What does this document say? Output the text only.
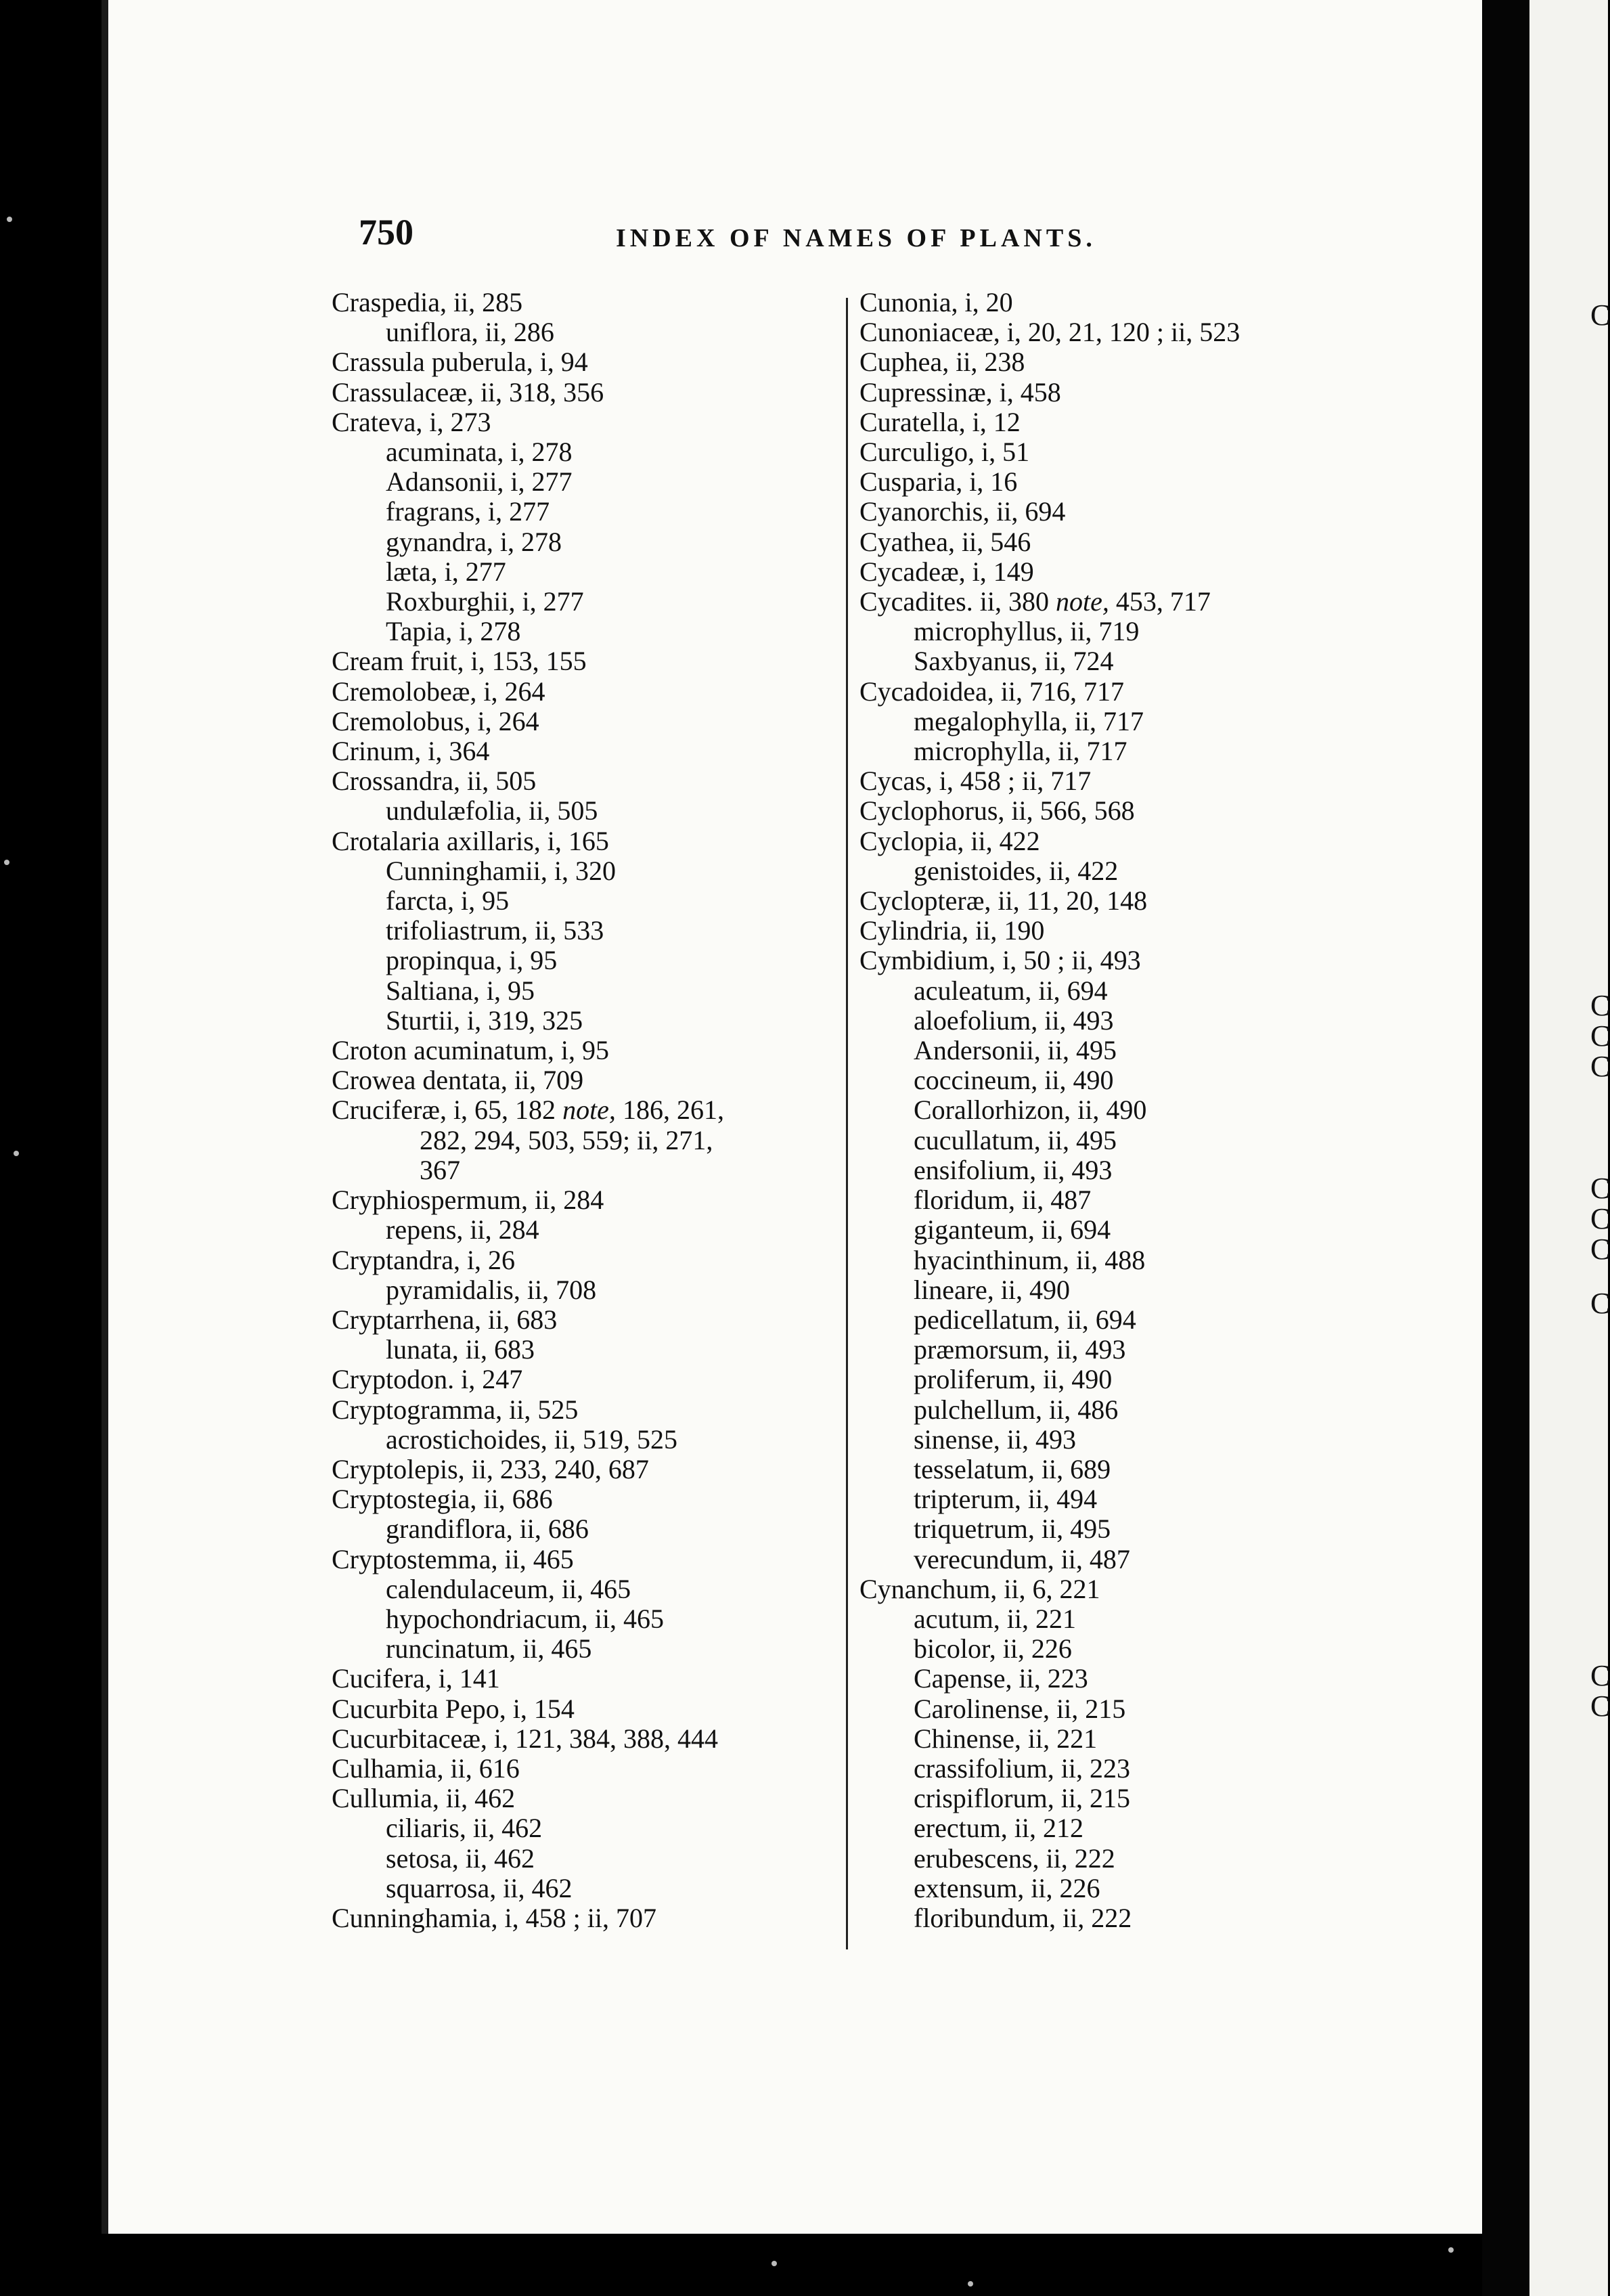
750	INDEX OF NAMES OF PLANTS.
Craspedia, ii, 285
uniflora, ii, 286
Crassula puberula, i, 94
Crassulaceæ, ii, 318, 356
Crateva, i, 273
acuminata, i, 278
Adansonii, i, 277
fragrans, i, 277
gynandra, i, 278
læta, i, 277
Roxburghii, i, 277
Tapia, i, 278
Cream fruit, i, 153, 155
Cremolobeæ, i, 264
Cremolobus, i, 264
Crinum, i, 364
Crossandra, ii, 505
undulæfolia, ii, 505
Crotalaria axillaris, i, 165
Cunninghamii, i, 320
farcta, i, 95
trifoliastrum, ii, 533
propinqua, i, 95
Saltiana, i, 95
Sturtii, i, 319, 325
Croton acuminatum, i, 95
Crowea dentata, ii, 709
Cruciferæ, i, 65, 182 note, 186, 261,
282, 294, 503, 559; ii, 271,
367
Cryphiospermum, ii, 284
repens, ii, 284
Cryptandra, i, 26
pyramidalis, ii, 708
Cryptarrhena, ii, 683
lunata, ii, 683
Cryptodon. i, 247
Cryptogramma, ii, 525
acrostichoides, ii, 519, 525
Cryptolepis, ii, 233, 240, 687
Cryptostegia, ii, 686
grandiflora, ii, 686
Cryptostemma, ii, 465
calendulaceum, ii, 465
hypochondriacum, ii, 465
runcinatum, ii, 465
Cucifera, i, 141
Cucurbita Pepo, i, 154
Cucurbitaceæ, i, 121, 384, 388, 444
Culhamia, ii, 616
Cullumia, ii, 462
ciliaris, ii, 462
setosa, ii, 462
squarrosa, ii, 462
Cunninghamia, i, 458 ; ii, 707
Cunonia, i, 20
Cunoniaceæ, i, 20, 21, 120 ; ii, 523
Cuphea, ii, 238
Cupressinæ, i, 458
Curatella, i, 12
Curculigo, i, 51
Cusparia, i, 16
Cyanorchis, ii, 694
Cyathea, ii, 546
Cycadeæ, i, 149
Cycadites. ii, 380 note, 453, 717
microphyllus, ii, 719
Saxbyanus, ii, 724
Cycadoidea, ii, 716, 717
megalophylla, ii, 717
microphylla, ii, 717
Cycas, i, 458 ; ii, 717
Cyclophorus, ii, 566, 568
Cyclopia, ii, 422
genistoides, ii, 422
Cyclopteræ, ii, 11, 20, 148
Cylindria, ii, 190
Cymbidium, i, 50 ; ii, 493
aculeatum, ii, 694
aloefolium, ii, 493
Andersonii, ii, 495
coccineum, ii, 490
Corallorhizon, ii, 490
cucullatum, ii, 495
ensifolium, ii, 493
floridum, ii, 487
giganteum, ii, 694
hyacinthinum, ii, 488
lineare, ii, 490
pedicellatum, ii, 694
præmorsum, ii, 493
proliferum, ii, 490
pulchellum, ii, 486
sinense, ii, 493
tesselatum, ii, 689
tripterum, ii, 494
triquetrum, ii, 495
verecundum, ii, 487
Cynanchum, ii, 6, 221
acutum, ii, 221
bicolor, ii, 226
Capense, ii, 223
Carolinense, ii, 215
Chinense, ii, 221
crassifolium, ii, 223
crispiflorum, ii, 215
erectum, ii, 212
erubescens, ii, 222
extensum, ii, 226
floribundum, ii, 222
C
C
C
C
C
C
C
C
C
C
